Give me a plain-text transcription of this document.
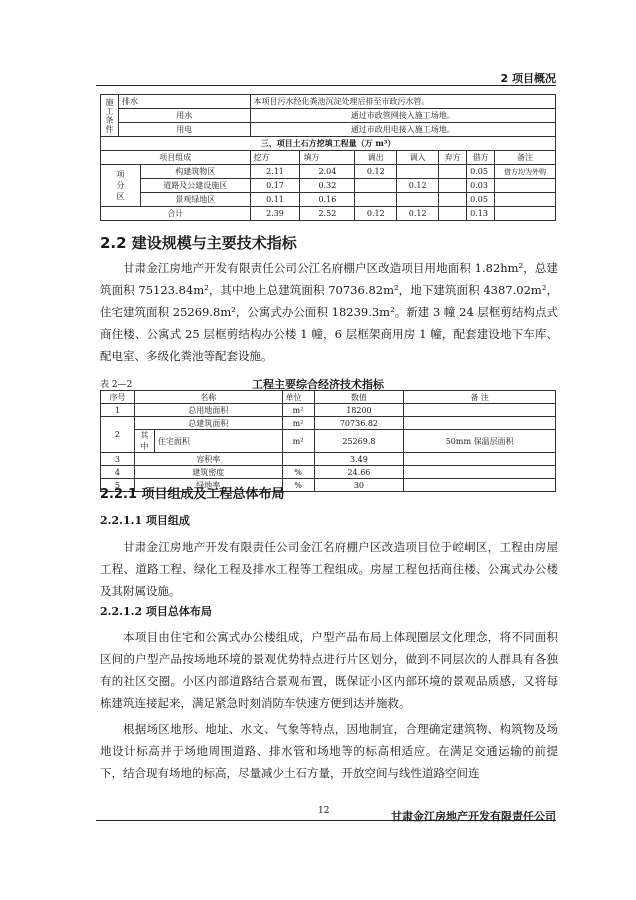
2 项目概况
施 工
条件	排水		本项目污水经化粪池沉淀处理后排至市政污水管。						
	用水		通过市政管网接入施工场地。						
	用电		通过市政用电接入施工场地。						
三、项目土石方挖填工程量（万 m³）									
项目组成			挖方	填方	调出	调入	弃方	借方	备注
项
分
区		构建筑物区	2.11	2.04	0.12			0.05	借方均为外购
		道路及公建设施区	0.17	0.32		0.12		0.03	
		景观绿地区	0.11	0.16				0.05	
合计			2.39	2.52	0.12	0.12		0.13	
2.2 建设规模与主要技术指标

甘肃金江房地产开发有限责任公司公江名府棚户区改造项目用地面积 1.82hm²，总建筑面积 75123.84m²，其中地上总建筑面积 70736.82m²，地下建筑面积 4387.02m²，住宅建筑面积 25269.8m²，公寓式办公面积 18239.3m²。新建 3 幢 24 层框剪结构点式商住楼、公寓式 25 层框剪结构办公楼 1 幢，6 层框架商用房 1 幢，配套建设地下车库、配电室、多级化粪池等配套设施。

表 2—2	工程主要综合经济技术指标
序号	名称		单位	数值	备 注
1	总用地面积		m²	18200	
2	总建筑面积		m²	70736.82	
	其中	住宅面积	m²	25269.8	50mm 保温层面积
3	容积率			3.49	
4	建筑密度		%	24.66	
5	绿地率		%	30	
2.2.1 项目组成及工程总体布局
2.2.1.1 项目组成

甘肃金江房地产开发有限责任公司金江名府棚户区改造项目位于崆峒区，工程由房屋工程、道路工程、绿化工程及排水工程等工程组成。房屋工程包括商住楼、公寓式办公楼及其附属设施。

2.2.1.2 项目总体布局

本项目由住宅和公寓式办公楼组成，户型产品布局上体现圈层文化理念，将不同面积区间的户型产品按场地环境的景观优势特点进行片区划分，做到不同层次的人群具有各独有的社区交圈。小区内部道路结合景观布置，既保证小区内部环境的景观品质感，又将每栋建筑连接起来，满足紧急时刻消防车快速方便到达并施救。

根据场区地形、地址、水文、气象等特点，因地制宜，合理确定建筑物、构筑物及场地设计标高并于场地周围道路、排水管和场地等的标高相适应。在满足交通运输的前提下，结合现有场地的标高，尽量减少土石方量，开放空间与线性道路空间连

12	甘肃金江房地产开发有限责任公司
